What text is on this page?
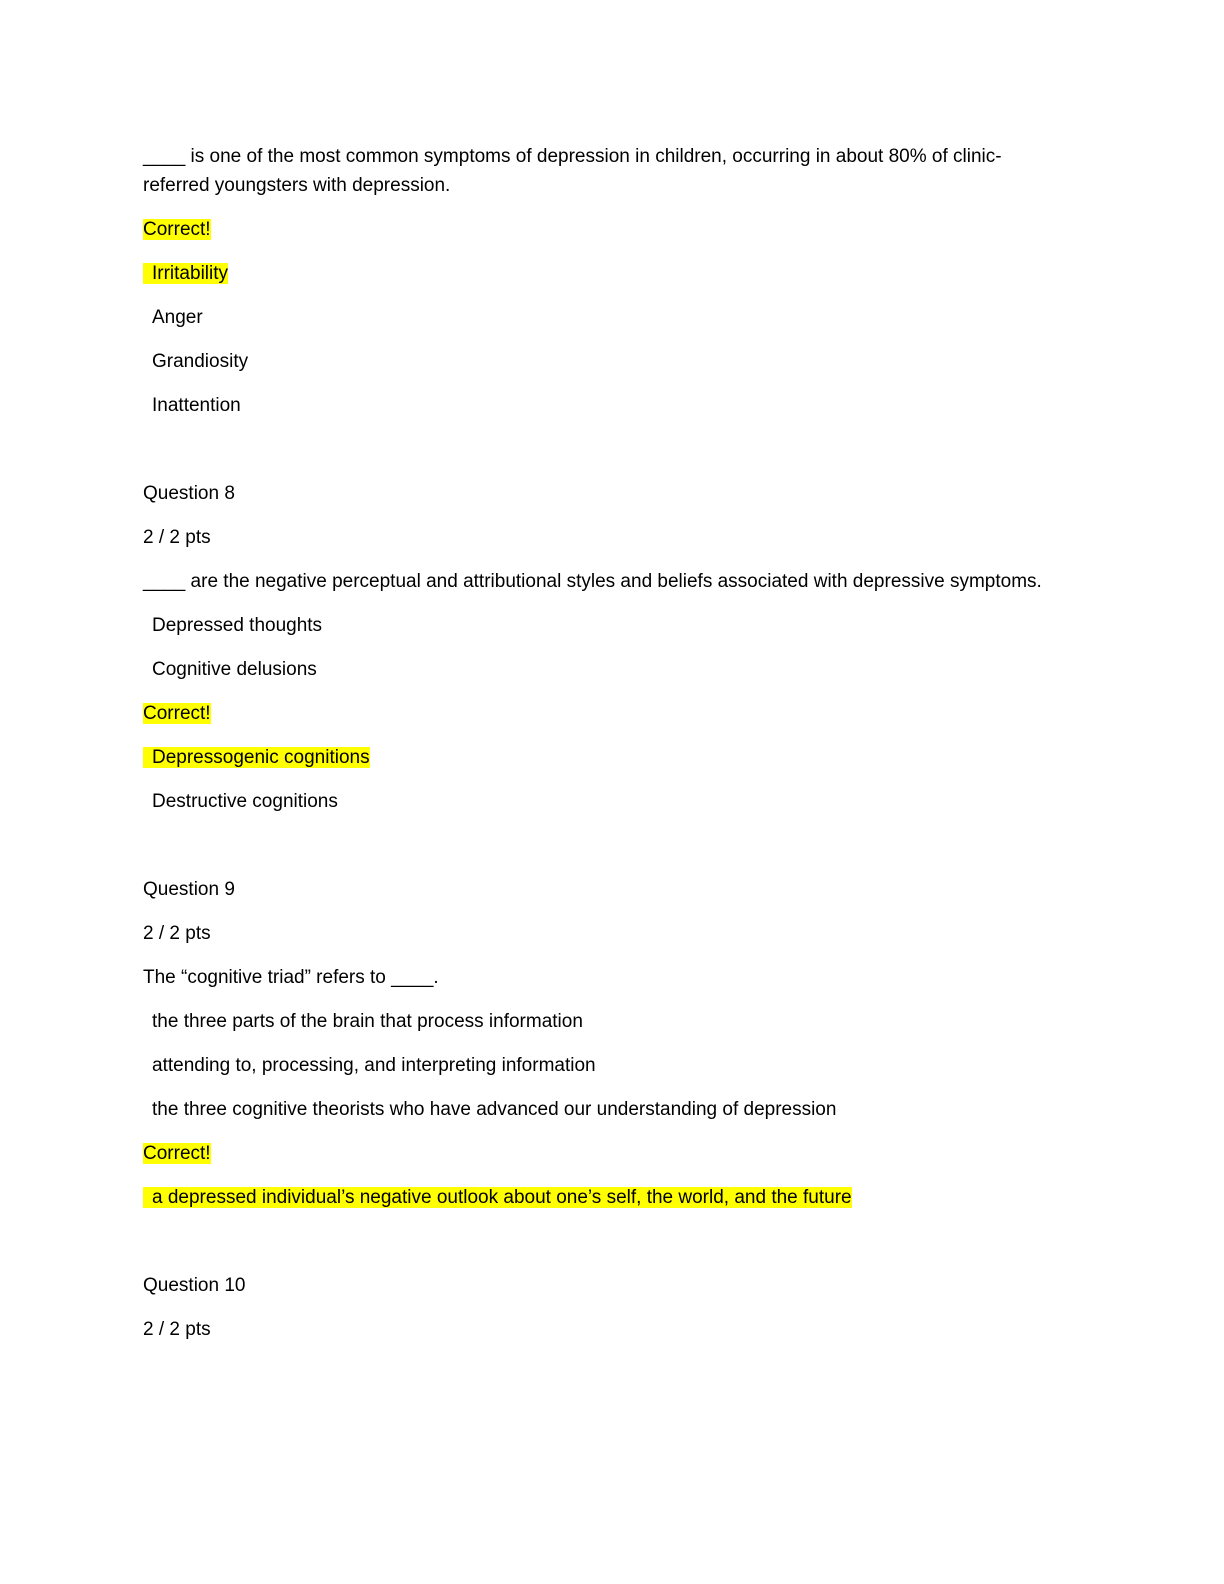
____ is one of the most common symptoms of depression in children, occurring in about 80% of clinic-referred youngsters with depression.

Correct!

Irritability

Anger

Grandiosity

Inattention

Question 8

2 / 2 pts

____ are the negative perceptual and attributional styles and beliefs associated with depressive symptoms.

Depressed thoughts

Cognitive delusions

Correct!

Depressogenic cognitions

Destructive cognitions

Question 9

2 / 2 pts

The “cognitive triad” refers to ____.

the three parts of the brain that process information

attending to, processing, and interpreting information

the three cognitive theorists who have advanced our understanding of depression

Correct!

a depressed individual’s negative outlook about one’s self, the world, and the future

Question 10

2 / 2 pts
